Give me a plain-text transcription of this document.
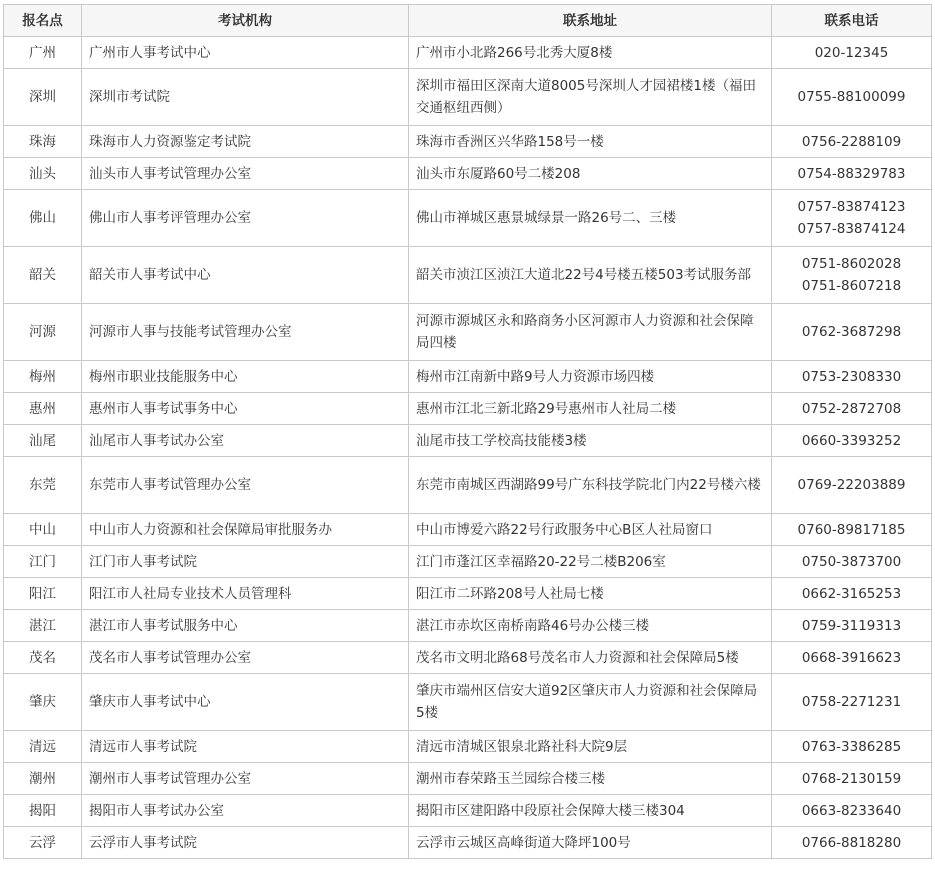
报名点	考试机构	联系地址	联系电话
广州	广州市人事考试中心	广州市小北路266号北秀大厦8楼	020-12345

深圳	深圳市考试院	深圳市福田区深南大道8005号深圳人才园裙楼1楼（福田交通枢纽西侧）	0755-88100099

珠海	珠海市人力资源鉴定考试院	珠海市香洲区兴华路158号一楼	0756-2288109

汕头	汕头市人事考试管理办公室	汕头市东厦路60号二楼208	0754-88329783

佛山	佛山市人事考评管理办公室	佛山市禅城区惠景城绿景一路26号二、三楼	0757-83874123
0757-83874124

韶关	韶关市人事考试中心	韶关市浈江区浈江大道北22号4号楼五楼503考试服务部	0751-8602028
0751-8607218

河源	河源市人事与技能考试管理办公室	河源市源城区永和路商务小区河源市人力资源和社会保障局四楼	0762-3687298

梅州	梅州市职业技能服务中心	梅州市江南新中路9号人力资源市场四楼	0753-2308330

惠州	惠州市人事考试事务中心	惠州市江北三新北路29号惠州市人社局二楼	0752-2872708

汕尾	汕尾市人事考试办公室	汕尾市技工学校高技能楼3楼	0660-3393252

东莞	东莞市人事考试管理办公室	东莞市南城区西湖路99号广东科技学院北门内22号楼六楼	0769-22203889

中山	中山市人力资源和社会保障局审批服务办	中山市博爱六路22号行政服务中心B区人社局窗口	0760-89817185

江门	江门市人事考试院	江门市蓬江区幸福路20-22号二楼B206室	0750-3873700

阳江	阳江市人社局专业技术人员管理科	阳江市二环路208号人社局七楼	0662-3165253

湛江	湛江市人事考试服务中心	湛江市赤坎区南桥南路46号办公楼三楼	0759-3119313

茂名	茂名市人事考试管理办公室	茂名市文明北路68号茂名市人力资源和社会保障局5楼	0668-3916623

肇庆	肇庆市人事考试中心	肇庆市端州区信安大道92区肇庆市人力资源和社会保障局 5楼	0758-2271231

清远	清远市人事考试院	清远市清城区银泉北路社科大院9层	0763-3386285

潮州	潮州市人事考试管理办公室	潮州市春荣路玉兰园综合楼三楼	0768-2130159

揭阳	揭阳市人事考试办公室	揭阳市区建阳路中段原社会保障大楼三楼304	0663-8233640

云浮	云浮市人事考试院	云浮市云城区高峰街道大降坪100号	0766-8818280
